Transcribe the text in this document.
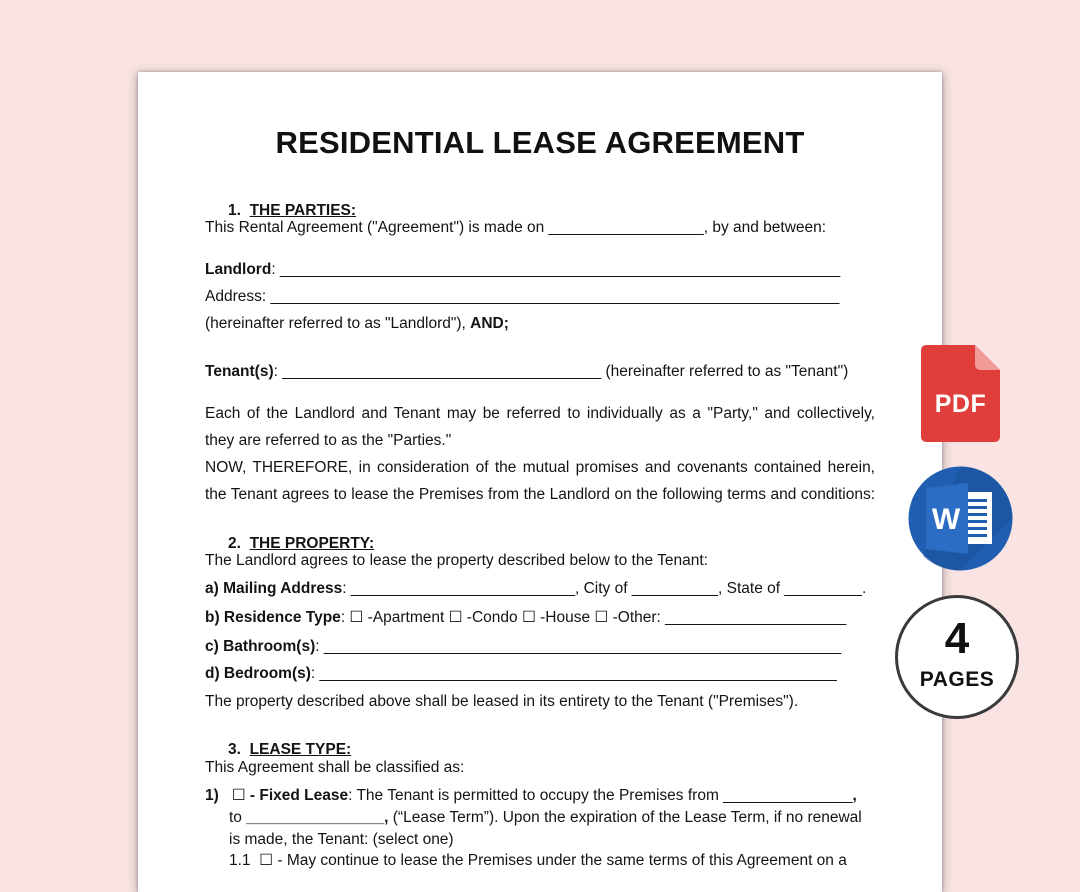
RESIDENTIAL LEASE AGREEMENT
1. THE PARTIES:
This Rental Agreement ("Agreement") is made on __________________, by and between:
Landlord: _________________________________________________________________
Address: __________________________________________________________________
(hereinafter referred to as "Landlord"), AND;
Tenant(s): _____________________________________ (hereinafter referred to as "Tenant")
Each of the Landlord and Tenant may be referred to individually as a "Party," and collectively,
they are referred to as the "Parties."
NOW, THEREFORE, in consideration of the mutual promises and covenants contained herein,
the Tenant agrees to lease the Premises from the Landlord on the following terms and conditions:
2. THE PROPERTY:
The Landlord agrees to lease the property described below to the Tenant:
a) Mailing Address: __________________________, City of __________, State of _________.
b) Residence Type: ☐ -Apartment ☐ -Condo ☐ -House ☐ -Other: _____________________
c) Bathroom(s): ____________________________________________________________
d) Bedroom(s): ____________________________________________________________
The property described above shall be leased in its entirety to the Tenant ("Premises").
3. LEASE TYPE:
This Agreement shall be classified as:
1)   ☐ - Fixed Lease: The Tenant is permitted to occupy the Premises from _______________,
to ________________, (“Lease Term”). Upon the expiration of the Lease Term, if no renewal
is made, the Tenant: (select one)
1.1  ☐ - May continue to lease the Premises under the same terms of this Agreement on a
PDF
W
4
PAGES
